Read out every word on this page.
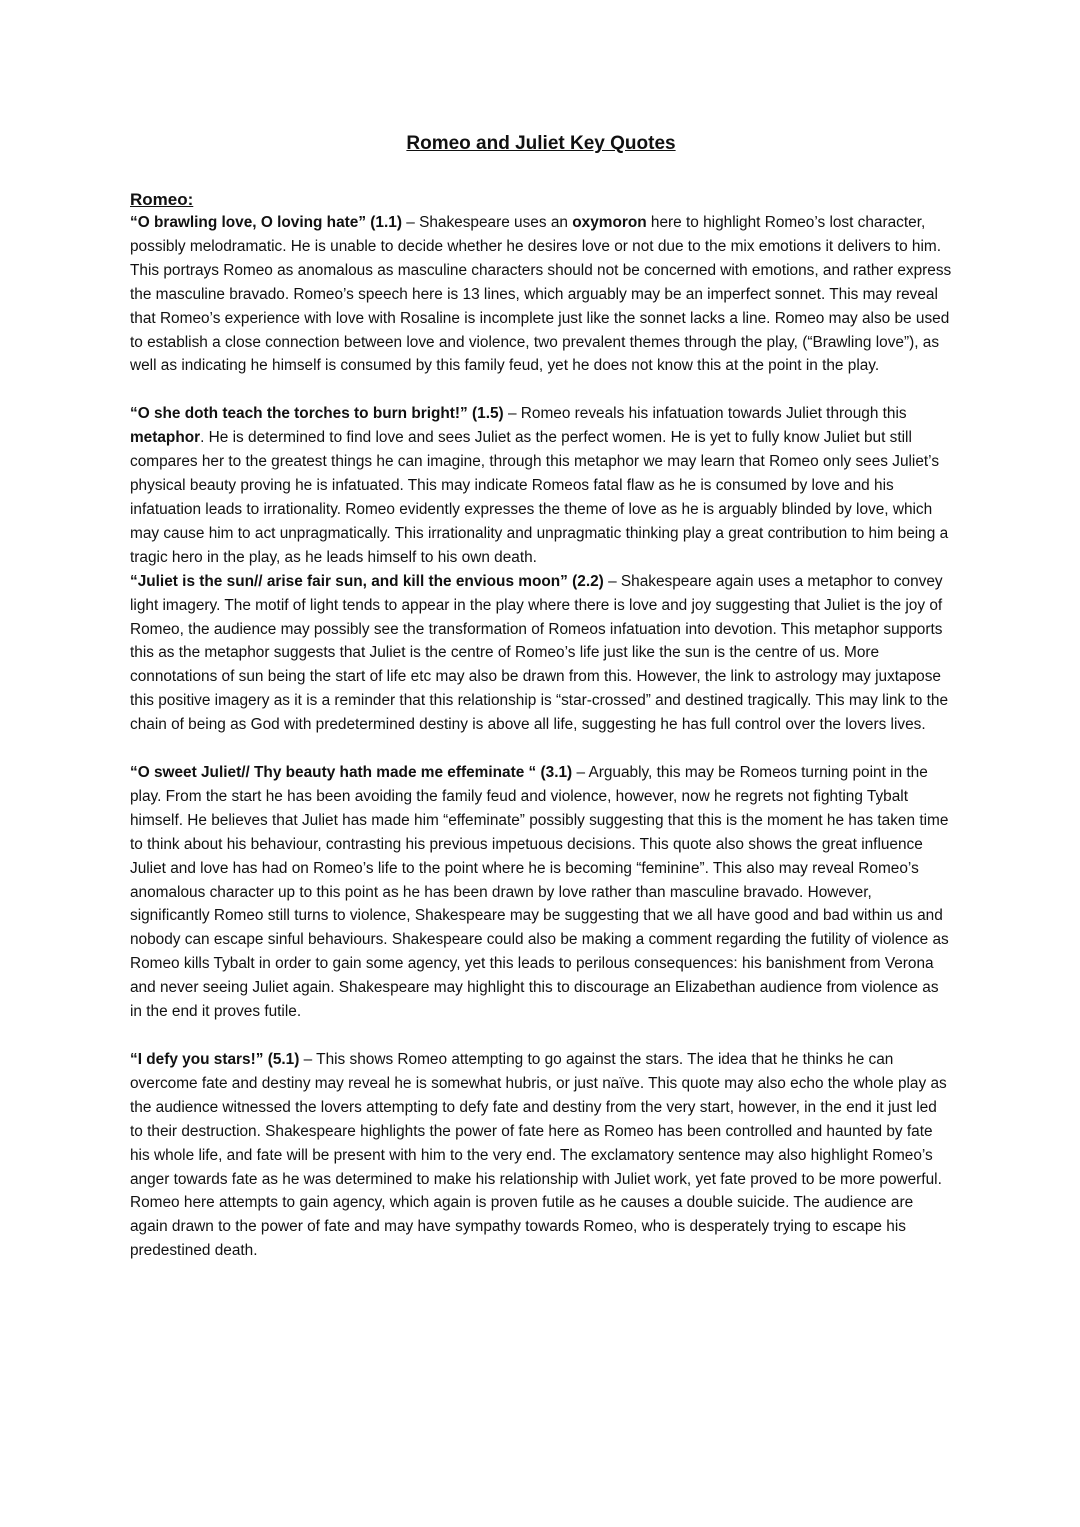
Romeo and Juliet Key Quotes
Romeo:

“O brawling love, O loving hate” (1.1) – Shakespeare uses an oxymoron here to highlight Romeo’s lost character, possibly melodramatic. He is unable to decide whether he desires love or not due to the mix emotions it delivers to him. This portrays Romeo as anomalous as masculine characters should not be concerned with emotions, and rather express the masculine bravado. Romeo’s speech here is 13 lines, which arguably may be an imperfect sonnet. This may reveal that Romeo’s experience with love with Rosaline is incomplete just like the sonnet lacks a line. Romeo may also be used to establish a close connection between love and violence, two prevalent themes through the play, (“Brawling love”), as well as indicating he himself is consumed by this family feud, yet he does not know this at the point in the play.

“O she doth teach the torches to burn bright!” (1.5) – Romeo reveals his infatuation towards Juliet through this metaphor. He is determined to find love and sees Juliet as the perfect women. He is yet to fully know Juliet but still compares her to the greatest things he can imagine, through this metaphor we may learn that Romeo only sees Juliet’s physical beauty proving he is infatuated. This may indicate Romeos fatal flaw as he is consumed by love and his infatuation leads to irrationality. Romeo evidently expresses the theme of love as he is arguably blinded by love, which may cause him to act unpragmatically. This irrationality and unpragmatic thinking play a great contribution to him being a tragic hero in the play, as he leads himself to his own death.

“Juliet is the sun// arise fair sun, and kill the envious moon” (2.2) – Shakespeare again uses a metaphor to convey light imagery. The motif of light tends to appear in the play where there is love and joy suggesting that Juliet is the joy of Romeo, the audience may possibly see the transformation of Romeos infatuation into devotion. This metaphor supports this as the metaphor suggests that Juliet is the centre of Romeo’s life just like the sun is the centre of us. More connotations of sun being the start of life etc may also be drawn from this. However, the link to astrology may juxtapose this positive imagery as it is a reminder that this relationship is “star-crossed” and destined tragically. This may link to the chain of being as God with predetermined destiny is above all life, suggesting he has full control over the lovers lives.

“O sweet Juliet// Thy beauty hath made me effeminate “ (3.1) – Arguably, this may be Romeos turning point in the play. From the start he has been avoiding the family feud and violence, however, now he regrets not fighting Tybalt himself. He believes that Juliet has made him “effeminate” possibly suggesting that this is the moment he has taken time to think about his behaviour, contrasting his previous impetuous decisions. This quote also shows the great influence Juliet and love has had on Romeo’s life to the point where he is becoming “feminine”. This also may reveal Romeo’s anomalous character up to this point as he has been drawn by love rather than masculine bravado. However, significantly Romeo still turns to violence, Shakespeare may be suggesting that we all have good and bad within us and nobody can escape sinful behaviours. Shakespeare could also be making a comment regarding the futility of violence as Romeo kills Tybalt in order to gain some agency, yet this leads to perilous consequences: his banishment from Verona and never seeing Juliet again. Shakespeare may highlight this to discourage an Elizabethan audience from violence as in the end it proves futile.

“I defy you stars!” (5.1) – This shows Romeo attempting to go against the stars. The idea that he thinks he can overcome fate and destiny may reveal he is somewhat hubris, or just naïve. This quote may also echo the whole play as the audience witnessed the lovers attempting to defy fate and destiny from the very start, however, in the end it just led to their destruction. Shakespeare highlights the power of fate here as Romeo has been controlled and haunted by fate his whole life, and fate will be present with him to the very end. The exclamatory sentence may also highlight Romeo’s anger towards fate as he was determined to make his relationship with Juliet work, yet fate proved to be more powerful. Romeo here attempts to gain agency, which again is proven futile as he causes a double suicide. The audience are again drawn to the power of fate and may have sympathy towards Romeo, who is desperately trying to escape his predestined death.
